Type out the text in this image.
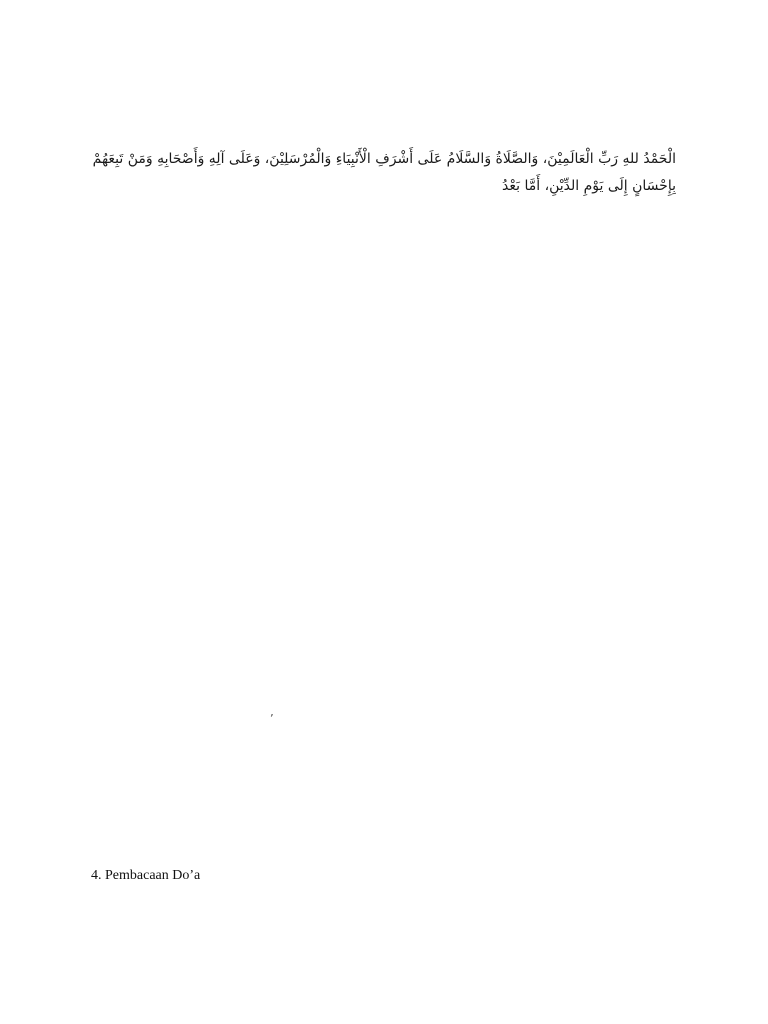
الْحَمْدُ للهِ رَبِّ الْعَالَمِيْنَ، وَالصَّلَاةُ وَالسَّلَامُ عَلَى أَشْرَفِ الْأَنْبِيَاءِ وَالْمُرْسَلِيْنَ، وَعَلَى آلِهِ وَأَصْحَابِهِ وَمَنْ تَبِعَهُمْ
بِإِحْسَانٍ إِلَى يَوْمِ الدِّيْنِ، أَمَّا بَعْدُ

’

4. Pembacaan Do’a
